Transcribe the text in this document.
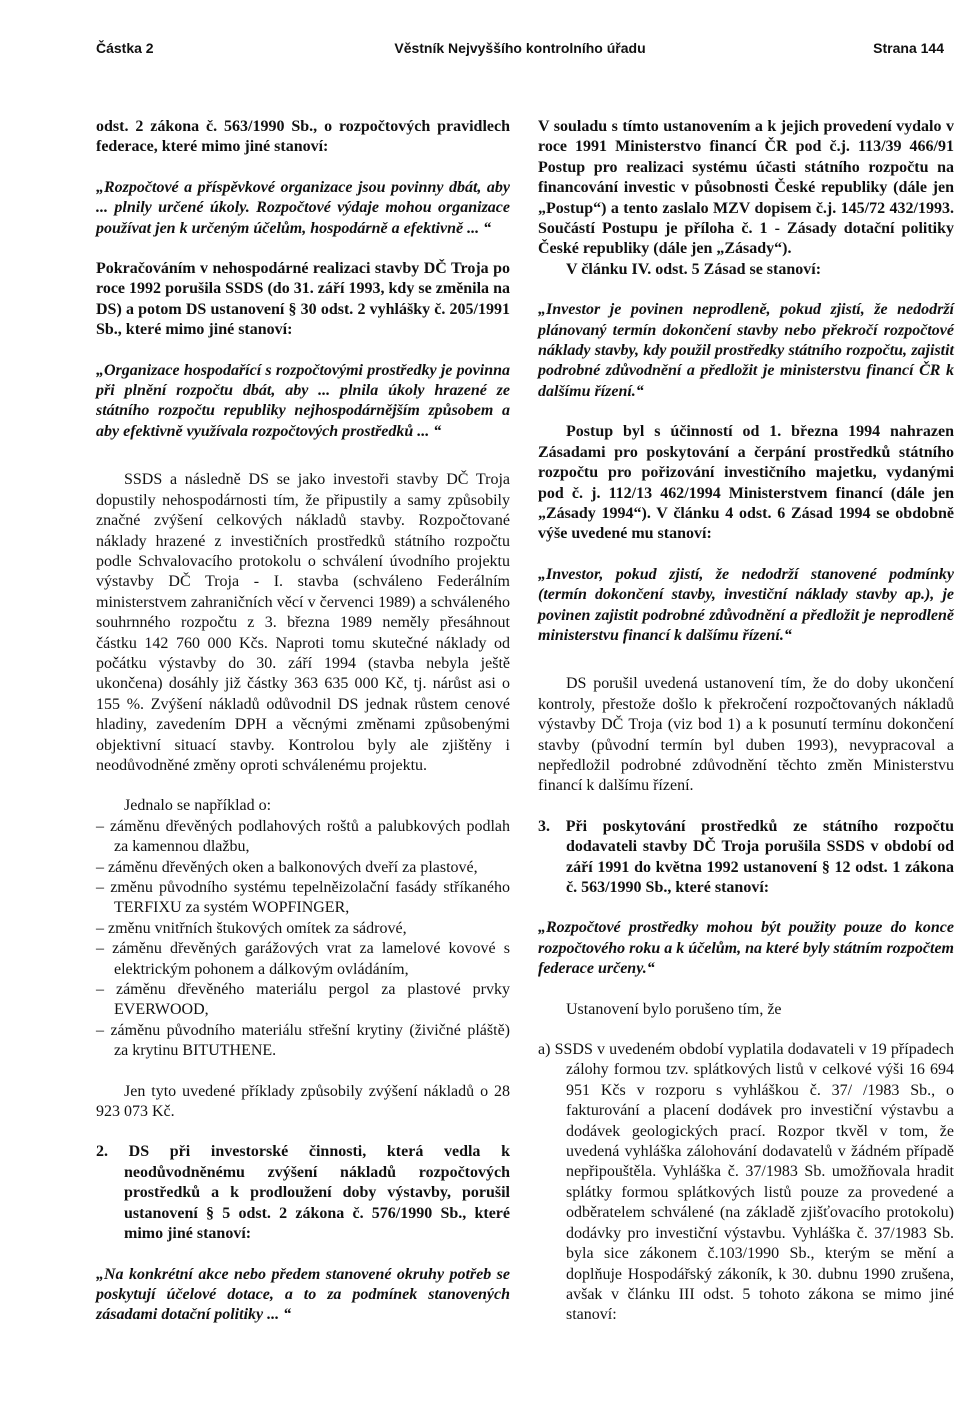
Částka 2	Věstník Nejvyššího kontrolního úřadu	Strana 144

odst. 2 zákona č. 563/1990 Sb., o rozpočtových pravidlech federace, které mimo jiné stanoví:

„Rozpočtové a příspěvkové organizace jsou povinny dbát, aby ... plnily určené úkoly. Rozpočtové výdaje mohou organizace používat jen k určeným účelům, hospodárně a efektivně ... “

Pokračováním v nehospodárné realizaci stavby DČ Troja po roce 1992 porušila SSDS (do 31. září 1993, kdy se změnila na DS) a potom DS ustanovení § 30 odst. 2 vyhlášky č. 205/1991 Sb., které mimo jiné stanoví:

„Organizace hospodařící s rozpočtovými prostředky je povinna při plnění rozpočtu dbát, aby ... plnila úkoly hrazené ze státního rozpočtu republiky nejhospodárnějším způsobem a aby efektivně využívala rozpočtových prostředků ... “

SSDS a následně DS se jako investoři stavby DČ Troja dopustily nehospodárnosti tím, že připustily a samy způsobily značné zvýšení celkových nákladů stavby. Rozpočtované náklady hrazené z investičních prostředků státního rozpočtu podle Schvalovacího protokolu o schválení úvodního projektu výstavby DČ Troja - I. stavba (schváleno Federálním ministerstvem zahraničních věcí v červenci 1989) a schváleného souhrnného rozpočtu z 3. března 1989 neměly přesáhnout částku 142 760 000 Kčs. Naproti tomu skutečné náklady od počátku výstavby do 30. září 1994 (stavba nebyla ještě ukončena) dosáhly již částky 363 635 000 Kč, tj. nárůst asi o 155 %. Zvýšení nákladů odůvodnil DS jednak růstem cenové hladiny, zavedením DPH a věcnými změnami způsobenými objektivní situací stavby. Kontrolou byly ale zjištěny i neodůvodněné změny oproti schválenému projektu.

Jednalo se například o:

– záměnu dřevěných podlahových roštů a palubkových podlah za kamennou dlažbu,

– záměnu dřevěných oken a balkonových dveří za plastové,

– změnu původního systému tepelněizolační fasády stříkaného TERFIXU za systém WOPFINGER,

– změnu vnitřních štukových omítek za sádrové,

– záměnu dřevěných garážových vrat za lamelové kovové s elektrickým pohonem a dálkovým ovládáním,

– záměnu dřevěného materiálu pergol za plastové prvky EVERWOOD,

– záměnu původního materiálu střešní krytiny (živičné pláště) za krytinu BITUTHENE.

Jen tyto uvedené příklady způsobily zvýšení nákladů o 28 923 073 Kč.

2. DS při investorské činnosti, která vedla k neodůvodněnému zvýšení nákladů rozpočtových prostředků a k prodloužení doby výstavby, porušil ustanovení § 5 odst. 2 zákona č. 576/1990 Sb., které mimo jiné stanoví:

„Na konkrétní akce nebo předem stanovené okruhy potřeb se poskytují účelové dotace, a to za podmínek stanovených zásadami dotační politiky ... “

V souladu s tímto ustanovením a k jejich provedení vydalo v roce 1991 Ministerstvo financí ČR pod č.j. 113/39 466/91 Postup pro realizaci systému účasti státního rozpočtu na financování investic v působnosti České republiky (dále jen „Postup“) a tento zaslalo MZV dopisem č.j. 145/72 432/1993. Součástí Postupu je příloha č. 1 - Zásady dotační politiky České republiky (dále jen „Zásady“).

V článku IV. odst. 5 Zásad se stanoví:

„Investor je povinen neprodleně, pokud zjistí, že nedodrží plánovaný termín dokončení stavby nebo překročí rozpočtové náklady stavby, kdy použil prostředky státního rozpočtu, zajistit podrobné zdůvodnění a předložit je ministerstvu financí ČR k dalšímu řízení.“

Postup byl s účinností od 1. března 1994 nahrazen Zásadami pro poskytování a čerpání prostředků státního rozpočtu pro pořizování investičního majetku, vydanými pod č. j. 112/13 462/1994 Ministerstvem financí (dále jen „Zásady 1994“). V článku 4 odst. 6 Zásad 1994 se obdobně výše uvedené mu stanoví:

„Investor, pokud zjistí, že nedodrží stanovené podmínky (termín dokončení stavby, investiční náklady stavby ap.), je povinen zajistit podrobné zdůvodnění a předložit je neprodleně ministerstvu financí k dalšímu řízení.“

DS porušil uvedená ustanovení tím, že do doby ukončení kontroly, přestože došlo k překročení rozpočtovaných nákladů výstavby DČ Troja (viz bod 1) a k posunutí termínu dokončení stavby (původní termín byl duben 1993), nevypracoval a nepředložil podrobné zdůvodnění těchto změn Ministerstvu financí k dalšímu řízení.

3. Při poskytování prostředků ze státního rozpočtu dodavateli stavby DČ Troja porušila SSDS v období od září 1991 do května 1992 ustanovení § 12 odst. 1 zákona č. 563/1990 Sb., které stanoví:

„Rozpočtové prostředky mohou být použity pouze do konce rozpočtového roku a k účelům, na které byly státním rozpočtem federace určeny.“

Ustanovení bylo porušeno tím, že

a) SSDS v uvedeném období vyplatila dodavateli v 19 případech zálohy formou tzv. splátkových listů v celkové výši 16 694 951 Kčs v rozporu s vyhláškou č. 37/ /1983 Sb., o fakturování a placení dodávek pro investiční výstavbu a dodávek geologických prací. Rozpor tkvěl v tom, že uvedená vyhláška zálohování dodavatelů v žádném případě nepřipouštěla. Vyhláška č. 37/1983 Sb. umožňovala hradit splátky formou splátkových listů pouze za provedené a odběratelem schválené (na základě zjišťovacího protokolu) dodávky pro investiční výstavbu. Vyhláška č. 37/1983 Sb. byla sice zákonem č.103/1990 Sb., kterým se mění a doplňuje Hospodářský zákoník, k 30. dubnu 1990 zrušena, avšak v článku III odst. 5 tohoto zákona se mimo jiné stanoví:
